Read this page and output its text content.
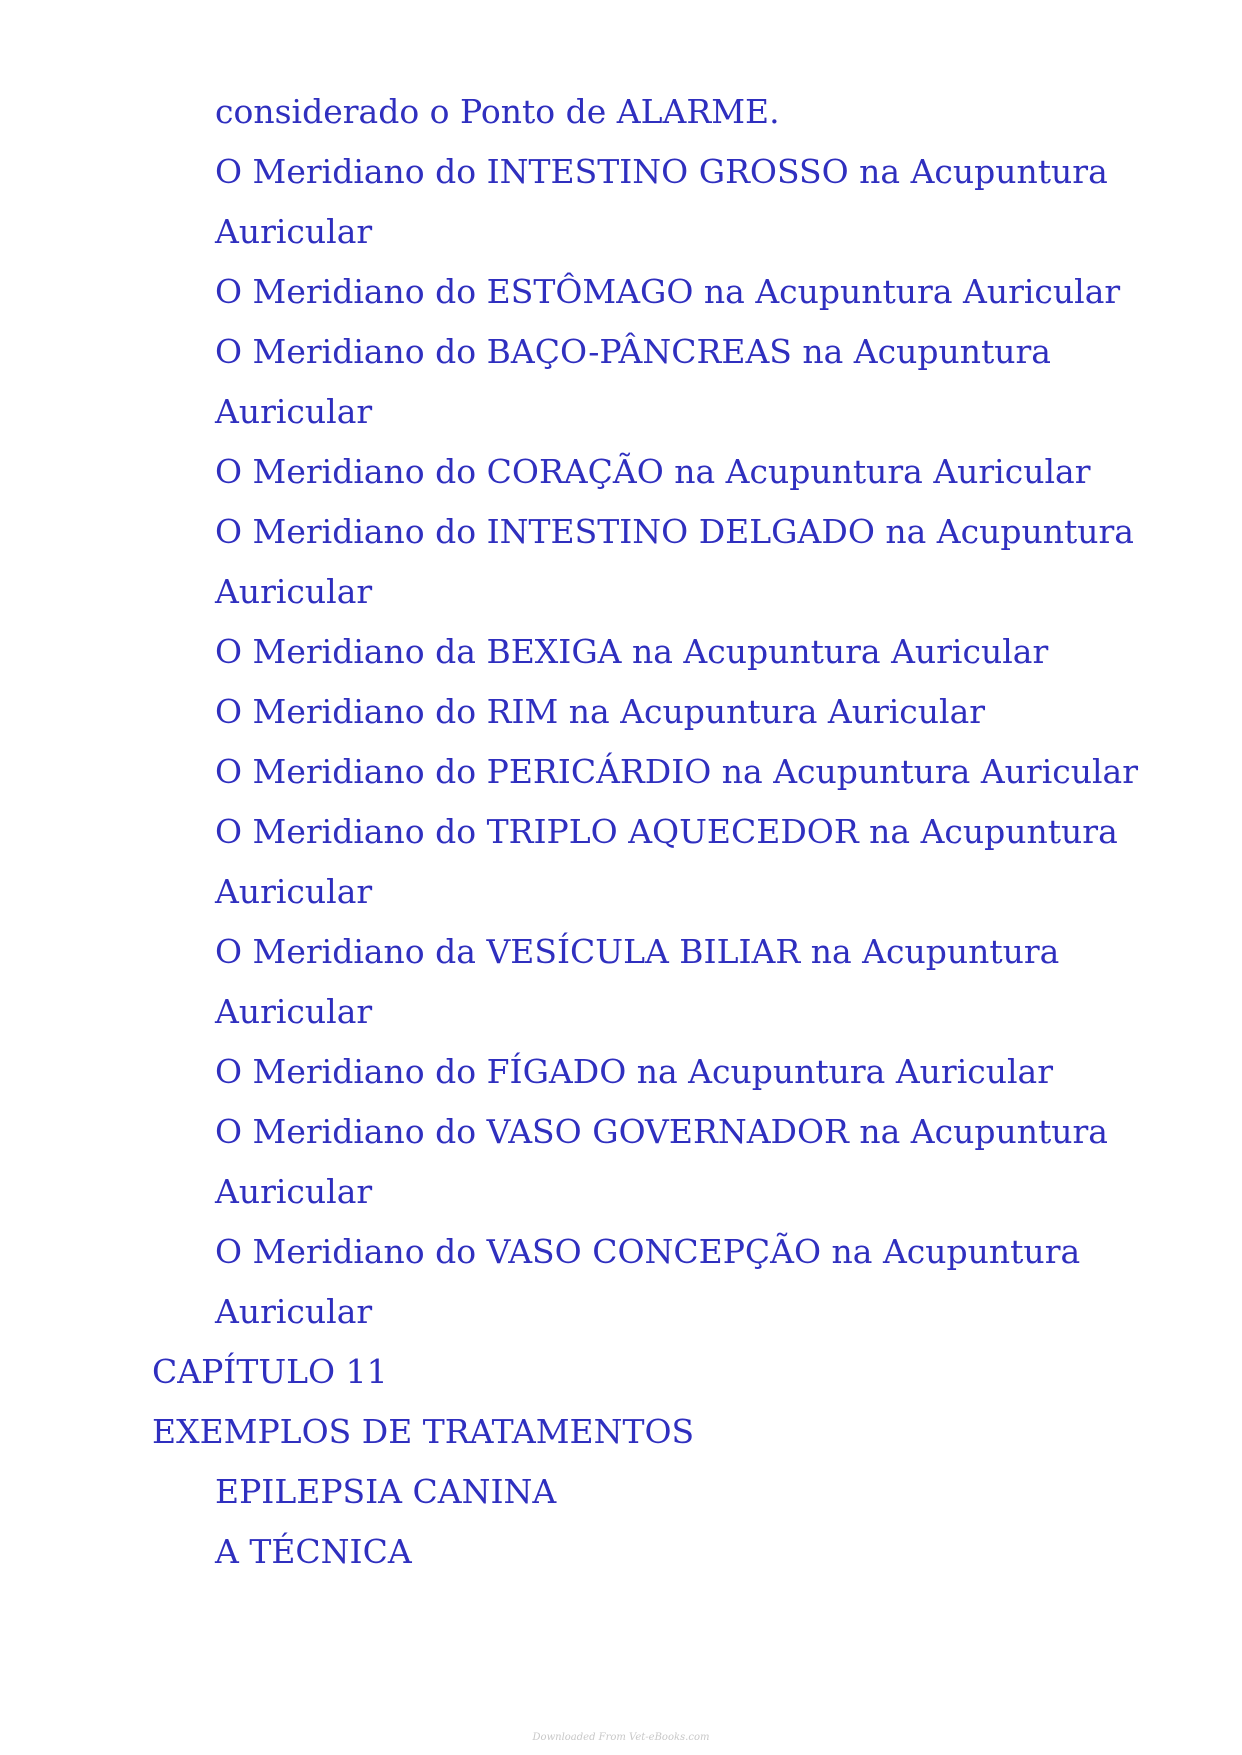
considerado o Ponto de ALARME.
O Meridiano do INTESTINO GROSSO na Acupuntura
Auricular
O Meridiano do ESTÔMAGO na Acupuntura Auricular
O Meridiano do BAÇO-PÂNCREAS na Acupuntura
Auricular
O Meridiano do CORAÇÃO na Acupuntura Auricular
O Meridiano do INTESTINO DELGADO na Acupuntura
Auricular
O Meridiano da BEXIGA na Acupuntura Auricular
O Meridiano do RIM na Acupuntura Auricular
O Meridiano do PERICÁRDIO na Acupuntura Auricular
O Meridiano do TRIPLO AQUECEDOR na Acupuntura
Auricular
O Meridiano da VESÍCULA BILIAR na Acupuntura
Auricular
O Meridiano do FÍGADO na Acupuntura Auricular
O Meridiano do VASO GOVERNADOR na Acupuntura
Auricular
O Meridiano do VASO CONCEPÇÃO na Acupuntura
Auricular
CAPÍTULO 11
EXEMPLOS DE TRATAMENTOS
EPILEPSIA CANINA
A TÉCNICA
Downloaded From Vet-eBooks.com
